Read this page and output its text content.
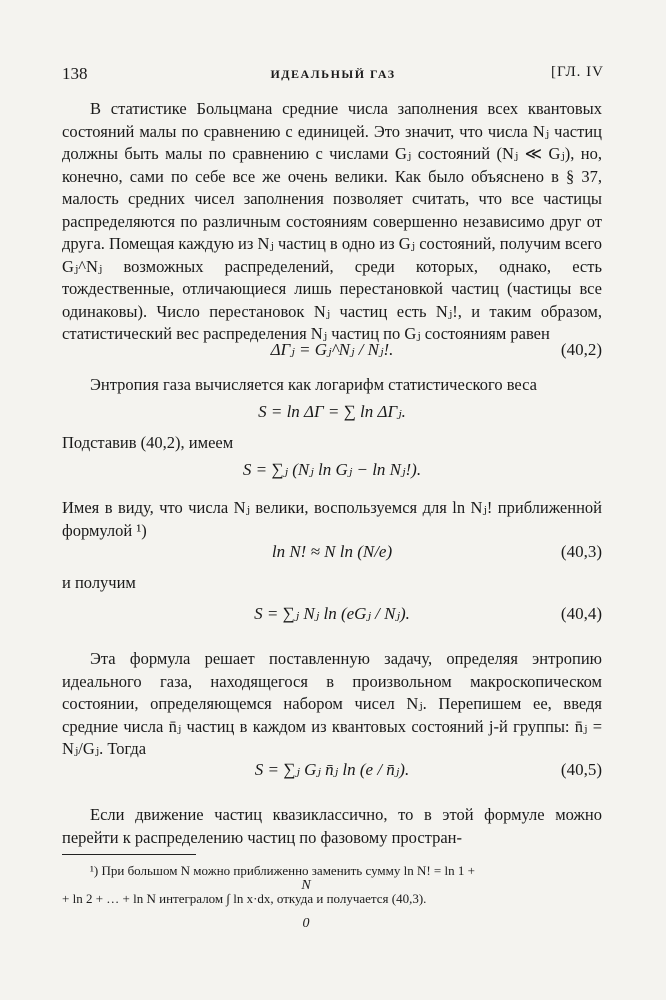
138	ИДЕАЛЬНЫЙ ГАЗ	[ГЛ. IV

В статистике Больцмана средние числа заполнения всех квантовых состояний малы по сравнению с единицей. Это значит, что числа Nⱼ частиц должны быть малы по сравнению с числами Gⱼ состояний (Nⱼ ≪ Gⱼ), но, конечно, сами по себе все же очень велики. Как было объяснено в § 37, малость средних чисел заполнения позволяет считать, что все частицы распределяются по различным состояниям совершенно независимо друг от друга. Помещая каждую из Nⱼ частиц в одно из Gⱼ состояний, получим всего Gⱼ^Nⱼ возможных распределений, среди которых, однако, есть тождественные, отличающиеся лишь перестановкой частиц (частицы все одинаковы). Число перестановок Nⱼ частиц есть Nⱼ!, и таким образом, статистический вес распределения Nⱼ частиц по Gⱼ состояниям равен

ΔΓⱼ = Gⱼ^Nⱼ / Nⱼ!.	(40,2)

Энтропия газа вычисляется как логарифм статистического веса

S = ln ΔΓ = ∑ ln ΔΓⱼ.

Подставив (40,2), имеем

S = ∑ⱼ (Nⱼ ln Gⱼ − ln Nⱼ!).

Имея в виду, что числа Nⱼ велики, воспользуемся для ln Nⱼ! приближенной формулой ¹)

ln N! ≈ N ln (N/e)	(40,3)

и получим

S = ∑ⱼ Nⱼ ln (eGⱼ / Nⱼ).	(40,4)

Эта формула решает поставленную задачу, определяя энтропию идеального газа, находящегося в произвольном макроскопическом состоянии, определяющемся набором чисел Nⱼ. Перепишем ее, введя средние числа n̄ⱼ частиц в каждом из квантовых состояний j-й группы: n̄ⱼ = Nⱼ/Gⱼ. Тогда

S = ∑ⱼ Gⱼ n̄ⱼ ln (e / n̄ⱼ).	(40,5)

Если движение частиц квазиклассично, то в этой формуле можно перейти к распределению частиц по фазовому простран-

¹) При большом N можно приближенно заменить сумму ln N! = ln 1 +

+ ln 2 + … + ln N интегралом ∫ ln x·dx, откуда и получается (40,3).

N
0
